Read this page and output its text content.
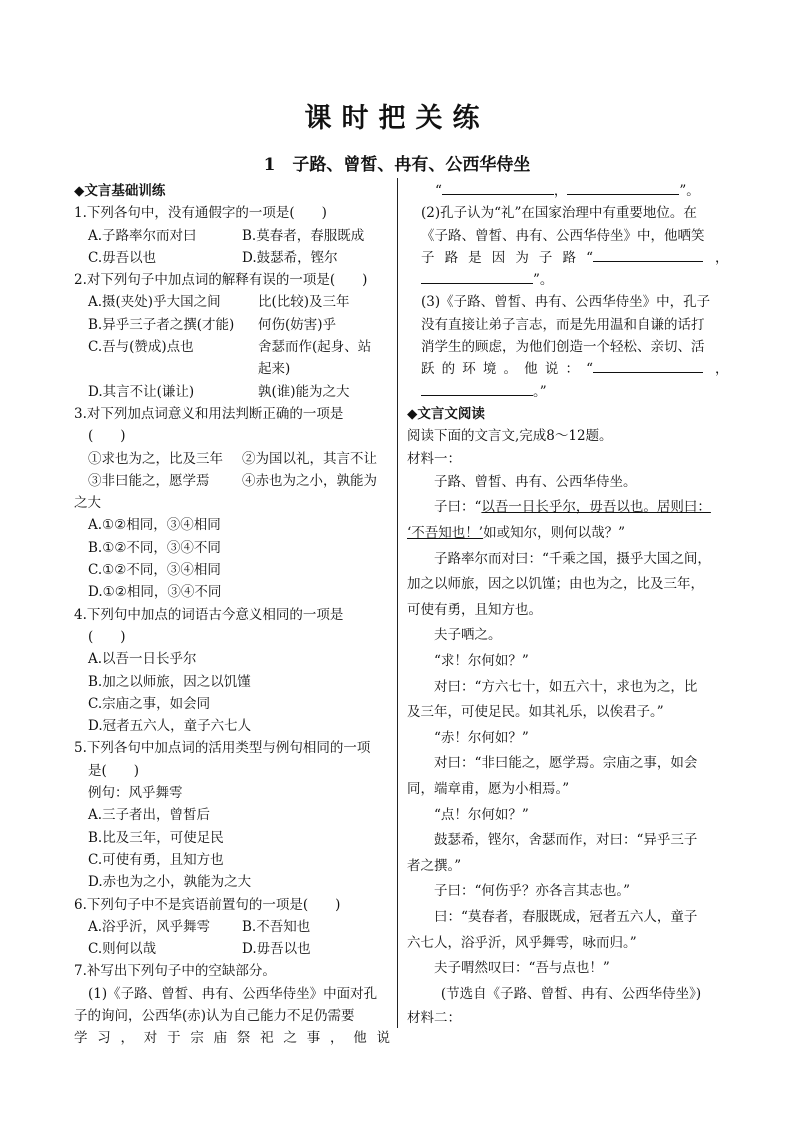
课时把关练
1　子路、曾皙、冉有、公西华侍坐
◆文言基础训练
1.下列各句中，没有通假字的一项是(　　)
A.子路率尔而对曰	B.莫春者，春服既成
C.毋吾以也	D.鼓瑟希，铿尔
2.对下列句子中加点词的解释有误的一项是(　　)
A.摄(夹处)乎大国之间	比(比较)及三年
B.异乎三子者之撰(才能)	何伤(妨害)乎
C.吾与(赞成)点也	舍瑟而作(起身、站
起来)
D.其言不让(谦让)	孰(谁)能为之大
3.对下列加点词意义和用法判断正确的一项是
(　　)
①求也为之，比及三年	②为国以礼，其言不让
③非曰能之，愿学焉	④赤也为之小，孰能为
之大
A.①②相同，③④相同
B.①②不同，③④不同
C.①②不同，③④相同
D.①②相同，③④不同
4.下列句中加点的词语古今意义相同的一项是
(　　)
A.以吾一日长乎尔
B.加之以师旅，因之以饥馑
C.宗庙之事，如会同
D.冠者五六人，童子六七人
5.下列各句中加点词的活用类型与例句相同的一项
是(　　)
例句：风乎舞雩
A.三子者出，曾皙后
B.比及三年，可使足民
C.可使有勇，且知方也
D.赤也为之小，孰能为之大
6.下列句子中不是宾语前置句的一项是(　　)
A.浴乎沂，风乎舞雩	B.不吾知也
C.则何以哉	D.毋吾以也
7.补写出下列句子中的空缺部分。
(1)《子路、曾皙、冉有、公西华侍坐》中面对孔
子的询问，公西华(赤)认为自己能力不足仍需要
学习，对于宗庙祭祀之事，他说
“	，	”。
(2)孔子认为“礼”在国家治理中有重要地位。在
《子路、曾皙、冉有、公西华侍坐》中，他哂笑
子路是因为子路“	，
”。
(3)《子路、曾皙、冉有、公西华侍坐》中，孔子
没有直接让弟子言志，而是先用温和自谦的话打
消学生的顾虑，为他们创造一个轻松、亲切、活
跃的环境。他说：“	，
。”
◆文言文阅读
阅读下面的文言文,完成8～12题。
材料一：
子路、曾皙、冉有、公西华侍坐。
子曰：“以吾一日长乎尔，毋吾以也。居则曰：
‘不吾知也！’如或知尔，则何以哉？”
子路率尔而对曰：“千乘之国，摄乎大国之间，
加之以师旅，因之以饥馑；由也为之，比及三年，
可使有勇，且知方也。
夫子哂之。
“求！尔何如？”
对曰：“方六七十，如五六十，求也为之，比
及三年，可使足民。如其礼乐，以俟君子。”
“赤！尔何如？”
对曰：“非曰能之，愿学焉。宗庙之事，如会
同，端章甫，愿为小相焉。”
“点！尔何如？”
鼓瑟希，铿尔，舍瑟而作，对曰：“异乎三子
者之撰。”
子曰：“何伤乎？亦各言其志也。”
曰：“莫春者，春服既成，冠者五六人，童子
六七人，浴乎沂，风乎舞雩，咏而归。”
夫子喟然叹曰：“吾与点也！”
(节选自《子路、曾皙、冉有、公西华侍坐》)
材料二：
